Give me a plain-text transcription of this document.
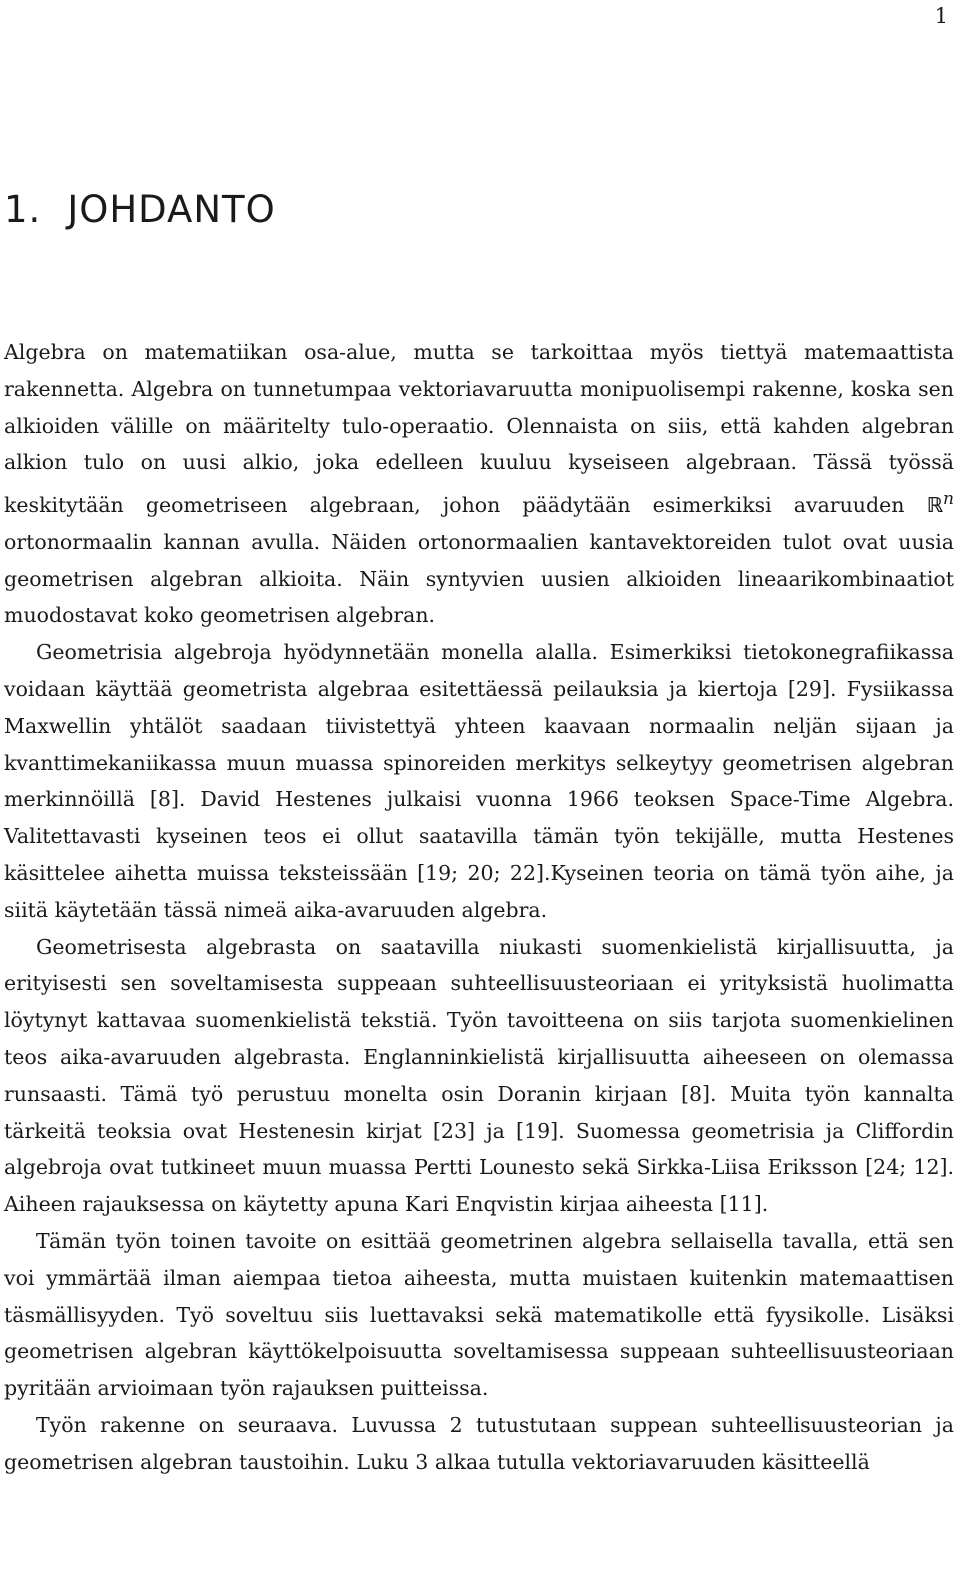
1
1. JOHDANTO

Algebra on matematiikan osa-alue, mutta se tarkoittaa myös tiettyä matemaattista rakennetta. Algebra on tunnetumpaa vektoriavaruutta monipuolisempi rakenne, koska sen alkioiden välille on määritelty tulo-operaatio. Olennaista on siis, että kahden algebran alkion tulo on uusi alkio, joka edelleen kuuluu kyseiseen algebraan. Tässä työssä keskitytään geometriseen algebraan, johon päädytään esimerkiksi avaruuden ℝ$^n$ ortonormaalin kannan avulla. Näiden ortonormaalien kantavektoreiden tulot ovat uusia geometrisen algebran alkioita. Näin syntyvien uusien alkioiden lineaarikombinaatiot muodostavat koko geometrisen algebran.

Geometrisia algebroja hyödynnetään monella alalla. Esimerkiksi tietokonegrafiikassa voidaan käyttää geometrista algebraa esitettäessä peilauksia ja kiertoja [29]. Fysiikassa Maxwellin yhtälöt saadaan tiivistettyä yhteen kaavaan normaalin neljän sijaan ja kvanttimekaniikassa muun muassa spinoreiden merkitys selkeytyy geometrisen algebran merkinnöillä [8]. David Hestenes julkaisi vuonna 1966 teoksen Space-Time Algebra. Valitettavasti kyseinen teos ei ollut saatavilla tämän työn tekijälle, mutta Hestenes käsittelee aihetta muissa teksteissään [19; 20; 22].Kyseinen teoria on tämä työn aihe, ja siitä käytetään tässä nimeä aika-avaruuden algebra.

Geometrisesta algebrasta on saatavilla niukasti suomenkielistä kirjallisuutta, ja erityisesti sen soveltamisesta suppeaan suhteellisuusteoriaan ei yrityksistä huolimatta löytynyt kattavaa suomenkielistä tekstiä. Työn tavoitteena on siis tarjota suomenkielinen teos aika-avaruuden algebrasta. Englanninkielistä kirjallisuutta aiheeseen on olemassa runsaasti. Tämä työ perustuu monelta osin Doranin kirjaan [8]. Muita työn kannalta tärkeitä teoksia ovat Hestenesin kirjat [23] ja [19]. Suomessa geometrisia ja Cliffordin algebroja ovat tutkineet muun muassa Pertti Lounesto sekä Sirkka-Liisa Eriksson [24; 12]. Aiheen rajauksessa on käytetty apuna Kari Enqvistin kirjaa aiheesta [11].

Tämän työn toinen tavoite on esittää geometrinen algebra sellaisella tavalla, että sen voi ymmärtää ilman aiempaa tietoa aiheesta, mutta muistaen kuitenkin matemaattisen täsmällisyyden. Työ soveltuu siis luettavaksi sekä matematikolle että fyysikolle. Lisäksi geometrisen algebran käyttökelpoisuutta soveltamisessa suppeaan suhteellisuusteoriaan pyritään arvioimaan työn rajauksen puitteissa.

Työn rakenne on seuraava. Luvussa 2 tutustutaan suppean suhteellisuusteorian ja geometrisen algebran taustoihin. Luku 3 alkaa tutulla vektoriavaruuden käsitteellä
